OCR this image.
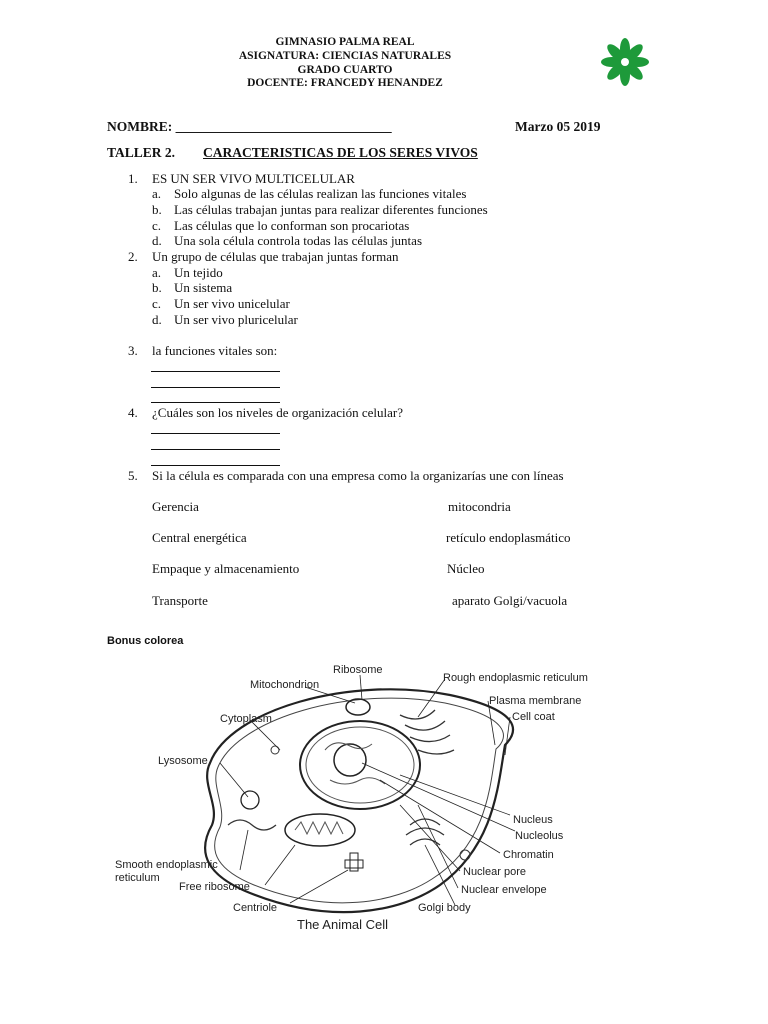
GIMNASIO PALMA REAL
ASIGNATURA: CIENCIAS NATURALES
GRADO CUARTO
DOCENTE: FRANCEDY HENANDEZ
NOMBRE: ________________________________	Marzo 05 2019
TALLER 2. CARACTERISTICAS DE LOS SERES VIVOS
1. ES UN SER VIVO MULTICELULAR
a. Solo algunas de las células realizan las funciones vitales
b. Las células trabajan juntas para realizar diferentes funciones
c. Las células que lo conforman son procariotas
d. Una sola célula controla todas las células juntas
2. Un grupo de células que trabajan juntas forman
a. Un tejido
b. Un sistema
c. Un ser vivo unicelular
d. Un ser vivo pluricelular
3. la funciones vitales son:
4. ¿Cuáles son los niveles de organización celular?
5. Si la célula es comparada con una empresa como la organizarías une con líneas
Gerencia	mitocondria
Central energética	retículo endoplasmático
Empaque y almacenamiento	Núcleo
Transporte	aparato Golgi/vacuola
Bonus colorea
Ribosome
Rough endoplasmic reticulum
Mitochondrion
Plasma membrane
Cell coat
Cytoplasm
Lysosome
Nucleus
Nucleolus
Chromatin
Smooth endoplasmic
reticulum	Nuclear pore
Free ribosome	Nuclear envelope
Centriole	Golgi body
The Animal Cell
